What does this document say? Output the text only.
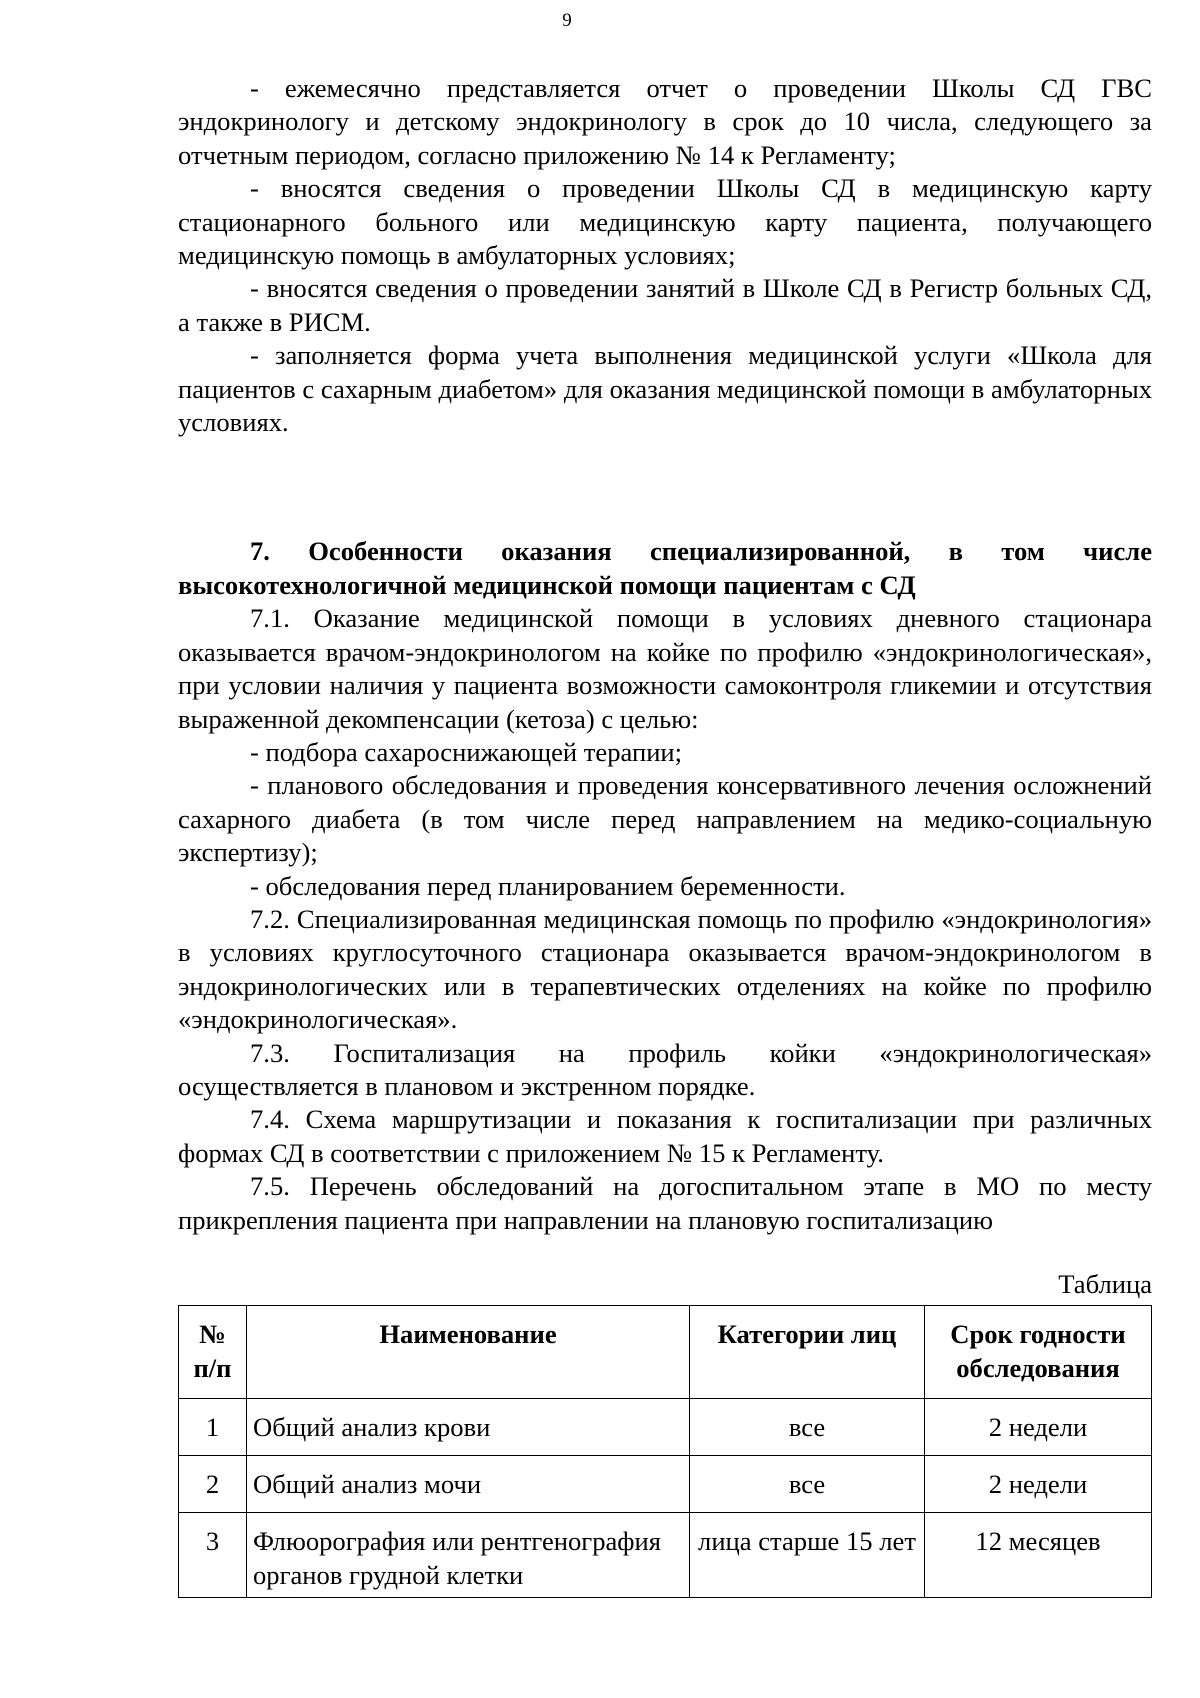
9

- ежемесячно представляется отчет о проведении Школы СД ГВС эндокринологу и детскому эндокринологу в срок до 10 числа, следующего за отчетным периодом, согласно приложению № 14 к Регламенту;

- вносятся сведения о проведении Школы СД в медицинскую карту стационарного больного или медицинскую карту пациента, получающего медицинскую помощь в амбулаторных условиях;

- вносятся сведения о проведении занятий в Школе СД в Регистр больных СД, а также в РИСМ.

- заполняется форма учета выполнения медицинской услуги «Школа для пациентов с сахарным диабетом» для оказания медицинской помощи в амбулаторных условиях.

7. Особенности оказания специализированной, в том числе высокотехнологичной медицинской помощи пациентам с СД

7.1. Оказание медицинской помощи в условиях дневного стационара оказывается врачом-эндокринологом на койке по профилю «эндокринологическая», при условии наличия у пациента возможности самоконтроля гликемии и отсутствия выраженной декомпенсации (кетоза) с целью:

- подбора сахароснижающей терапии;

- планового обследования и проведения консервативного лечения осложнений сахарного диабета (в том числе перед направлением на медико-социальную экспертизу);

- обследования перед планированием беременности.

7.2. Специализированная медицинская помощь по профилю «эндокринология» в условиях круглосуточного стационара оказывается врачом-эндокринологом в эндокринологических или в терапевтических отделениях на койке по профилю «эндокринологическая».

7.3. Госпитализация на профиль койки «эндокринологическая» осуществляется в плановом и экстренном порядке.

7.4. Схема маршрутизации и показания к госпитализации при различных формах СД в соответствии с приложением № 15 к Регламенту.

7.5. Перечень обследований на догоспитальном этапе в МО по месту прикрепления пациента при направлении на плановую госпитализацию

Таблица
№ п/п	Наименование	Категории лиц	Срок годности обследования
1	Общий анализ крови	все	2 недели
2	Общий анализ мочи	все	2 недели
3	Флюорография или рентгенография органов грудной клетки	лица старше 15 лет	12 месяцев
